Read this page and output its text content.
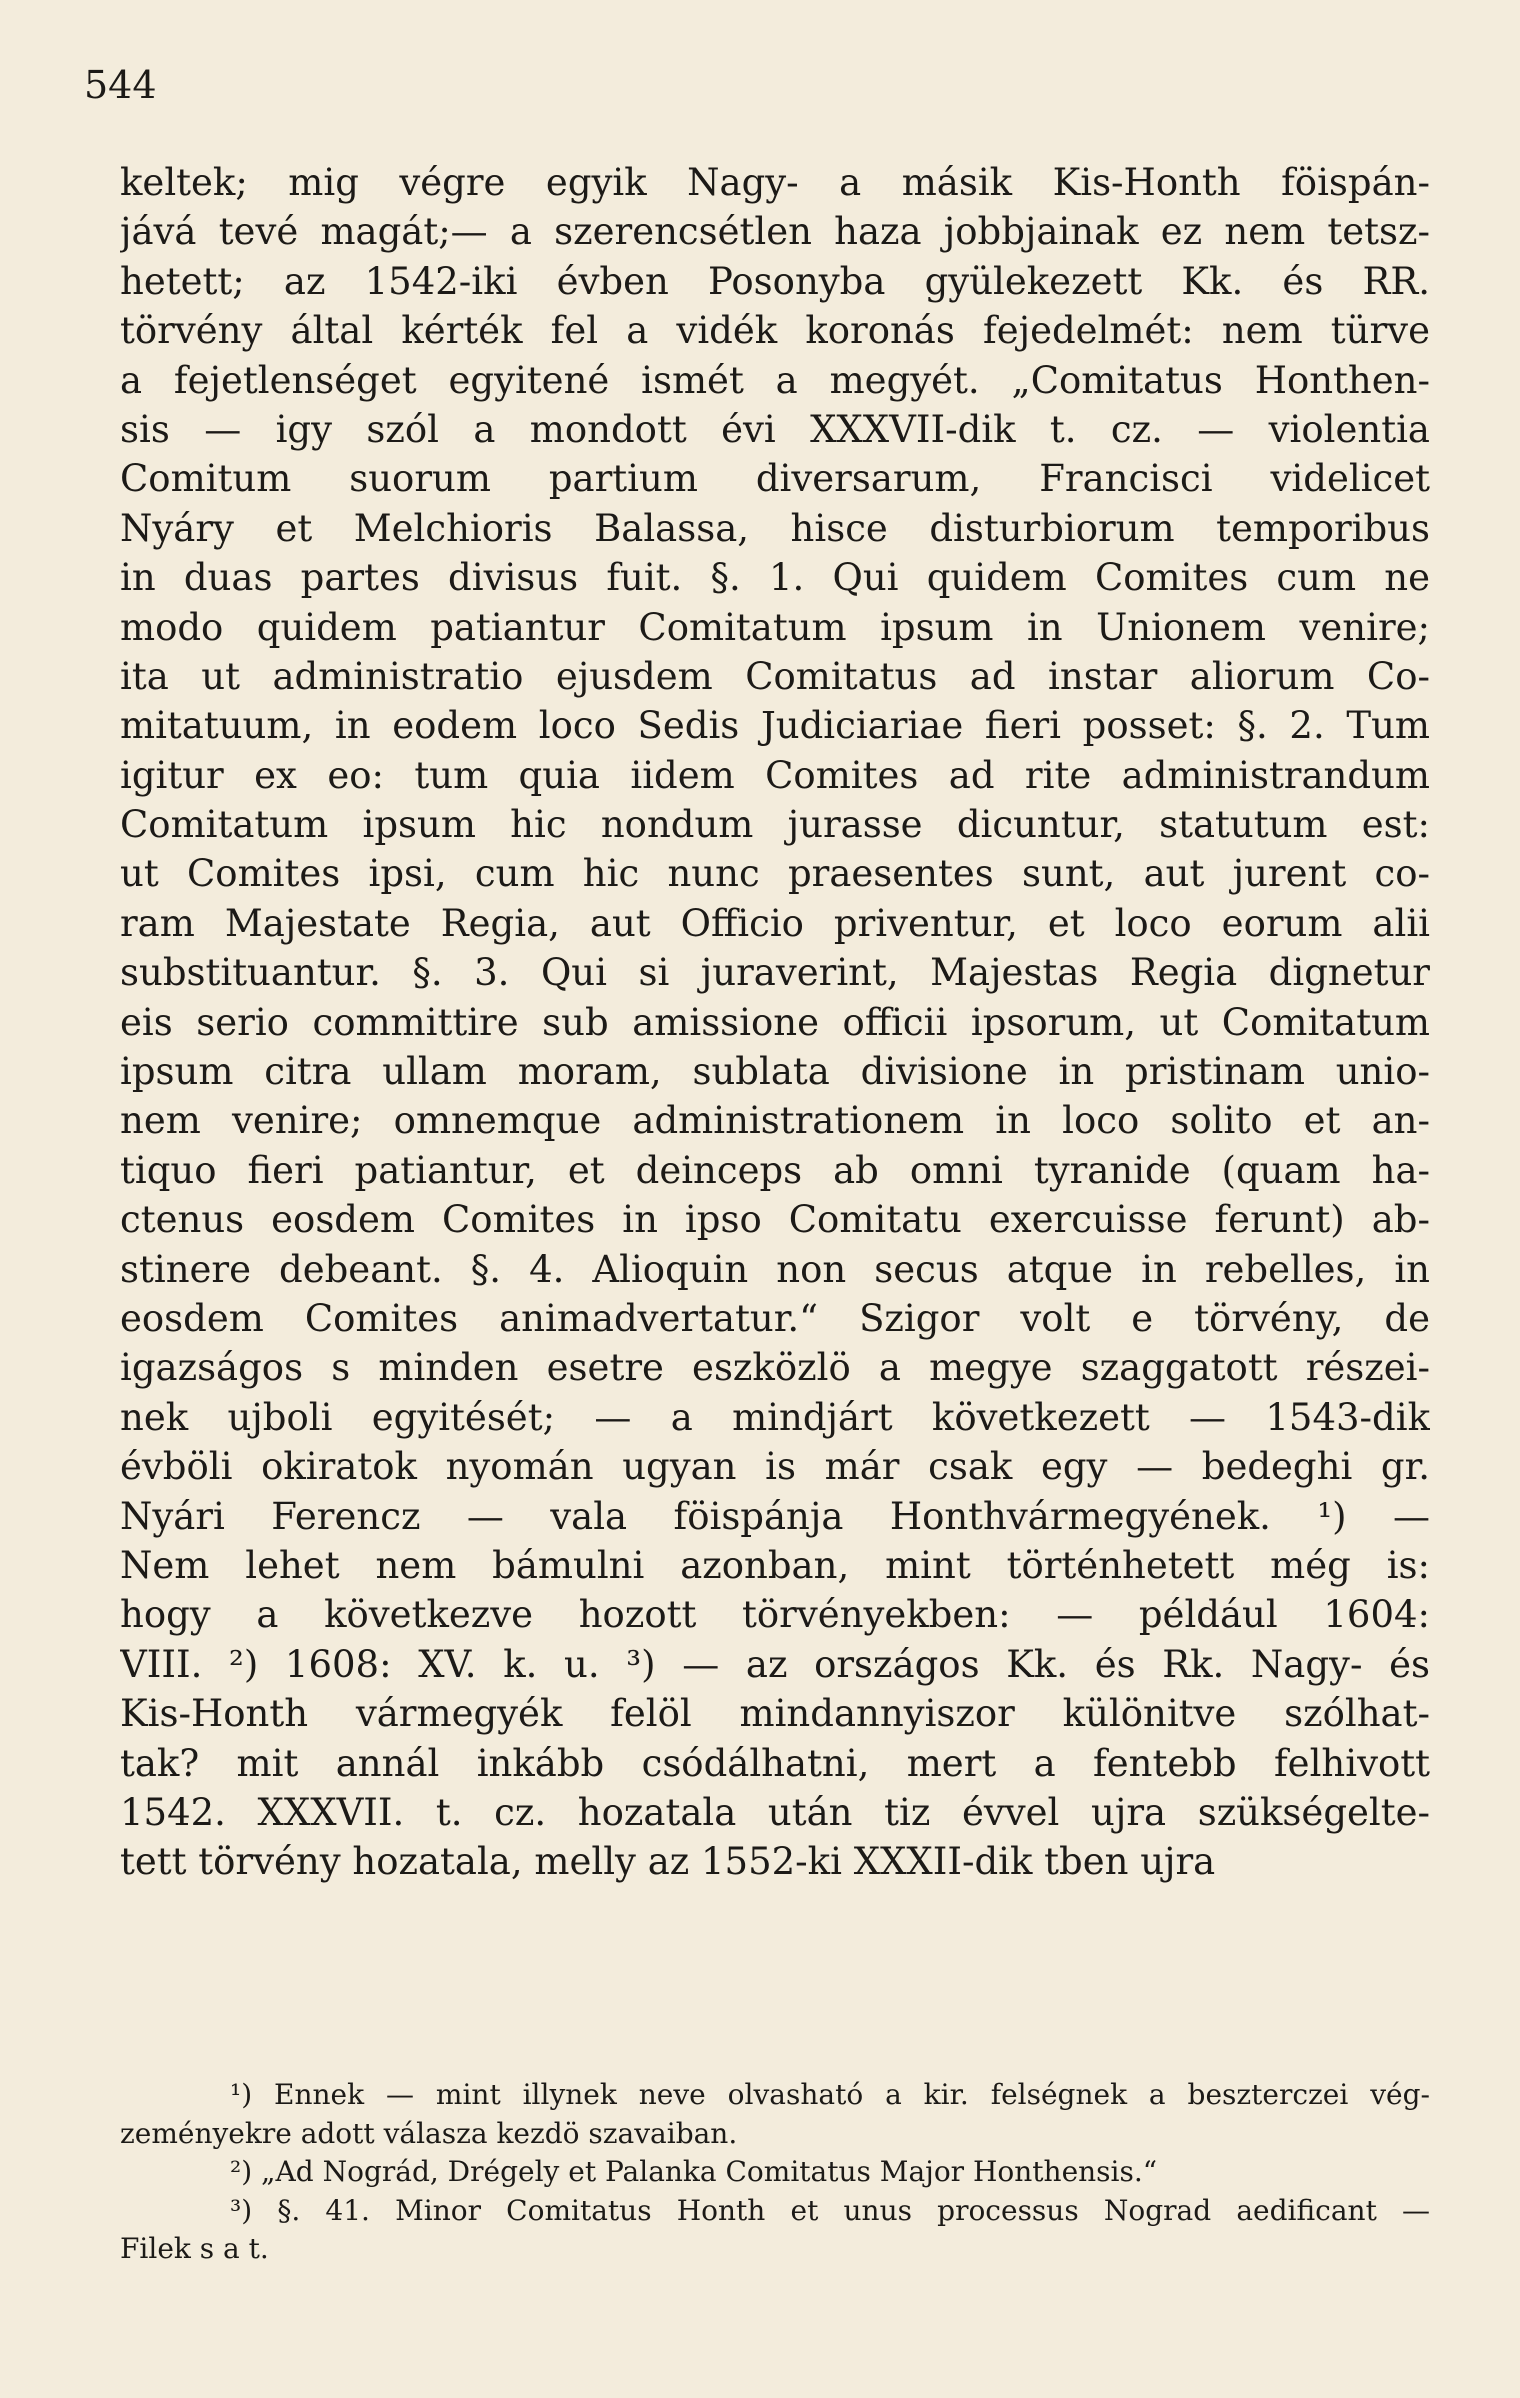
544
keltek; mig végre egyik Nagy- a másik Kis-Honth föispán-
jává tevé magát;— a szerencsétlen haza jobbjainak ez nem tetsz-
hetett; az 1542-iki évben Posonyba gyülekezett Kk. és RR.
törvény által kérték fel a vidék koronás fejedelmét: nem türve
a fejetlenséget egyitené ismét a megyét. „Comitatus Honthen-
sis — igy szól a mondott évi XXXVII-dik t. cz. — violentia
Comitum suorum partium diversarum, Francisci videlicet
Nyáry et Melchioris Balassa, hisce disturbiorum temporibus
in duas partes divisus fuit. §. 1. Qui quidem Comites cum ne
modo quidem patiantur Comitatum ipsum in Unionem venire;
ita ut administratio ejusdem Comitatus ad instar aliorum Co-
mitatuum, in eodem loco Sedis Judiciariae fieri posset: §. 2. Tum
igitur ex eo: tum quia iidem Comites ad rite administrandum
Comitatum ipsum hic nondum jurasse dicuntur, statutum est:
ut Comites ipsi, cum hic nunc praesentes sunt, aut jurent co-
ram Majestate Regia, aut Officio priventur, et loco eorum alii
substituantur. §. 3. Qui si juraverint, Majestas Regia dignetur
eis serio committire sub amissione officii ipsorum, ut Comitatum
ipsum citra ullam moram, sublata divisione in pristinam unio-
nem venire; omnemque administrationem in loco solito et an-
tiquo fieri patiantur, et deinceps ab omni tyranide (quam ha-
ctenus eosdem Comites in ipso Comitatu exercuisse ferunt) ab-
stinere debeant. §. 4. Alioquin non secus atque in rebelles, in
eosdem Comites animadvertatur.“ Szigor volt e törvény, de
igazságos s minden esetre eszközlö a megye szaggatott részei-
nek ujboli egyitését; — a mindjárt következett — 1543-dik
évböli okiratok nyomán ugyan is már csak egy — bedeghi gr.
Nyári Ferencz — vala föispánja Honthvármegyének. ¹) —
Nem lehet nem bámulni azonban, mint történhetett még is:
hogy a következve hozott törvényekben: — például 1604:
VIII. ²) 1608: XV. k. u. ³) — az országos Kk. és Rk. Nagy- és
Kis-Honth vármegyék felöl mindannyiszor különitve szólhat-
tak? mit annál inkább csódálhatni, mert a fentebb felhivott
1542. XXXVII. t. cz. hozatala után tiz évvel ujra szükségelte-
tett törvény hozatala, melly az 1552-ki XXXII-dik tben ujra
¹) Ennek — mint illynek neve olvasható a kir. felségnek a beszterczei vég-
zeményekre adott válasza kezdö szavaiban.
²) „Ad Nográd, Drégely et Palanka Comitatus Major Honthensis.“
³) §. 41. Minor Comitatus Honth et unus processus Nograd aedificant —
Filek s a t.
